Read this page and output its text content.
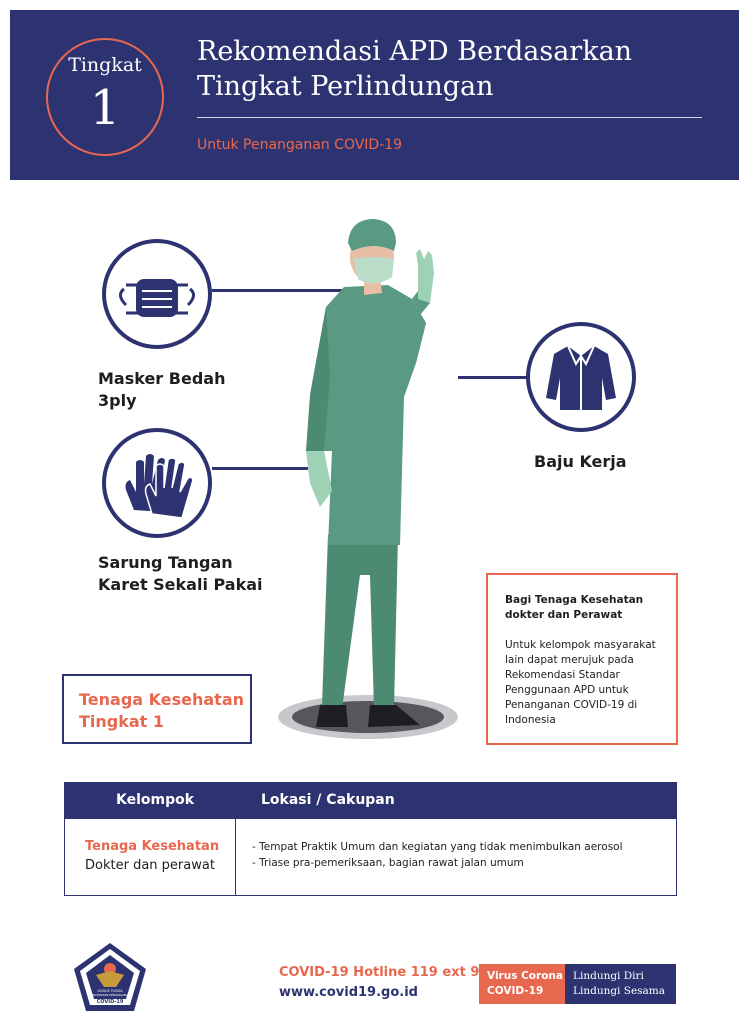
Tingkat
1
Rekomendasi APD Berdasarkan
Tingkat Perlindungan
Untuk Penanganan COVID-19
Masker Bedah
3ply
Sarung Tangan
Karet Sekali Pakai
Baju Kerja
Bagi Tenaga Kesehatan
dokter dan Perawat
Untuk kelompok masyarakat
lain dapat merujuk pada
Rekomendasi Standar
Penggunaan APD untuk
Penanganan COVID-19 di
Indonesia
Tenaga Kesehatan
Tingkat 1
Kelompok	Lokasi / Cakupan
Tenaga Kesehatan
Dokter dan perawat
- Tempat Praktik Umum dan kegiatan yang tidak menimbulkan aerosol
- Triase pra-pemeriksaan, bagian rawat jalan umum
GUGUS TUGAS
PERCEPATAN PENANGANAN
COVID-19
COVID-19 Hotline 119 ext 9
www.covid19.go.id
Virus Corona
COVID-19
Lindungi Diri
Lindungi Sesama
